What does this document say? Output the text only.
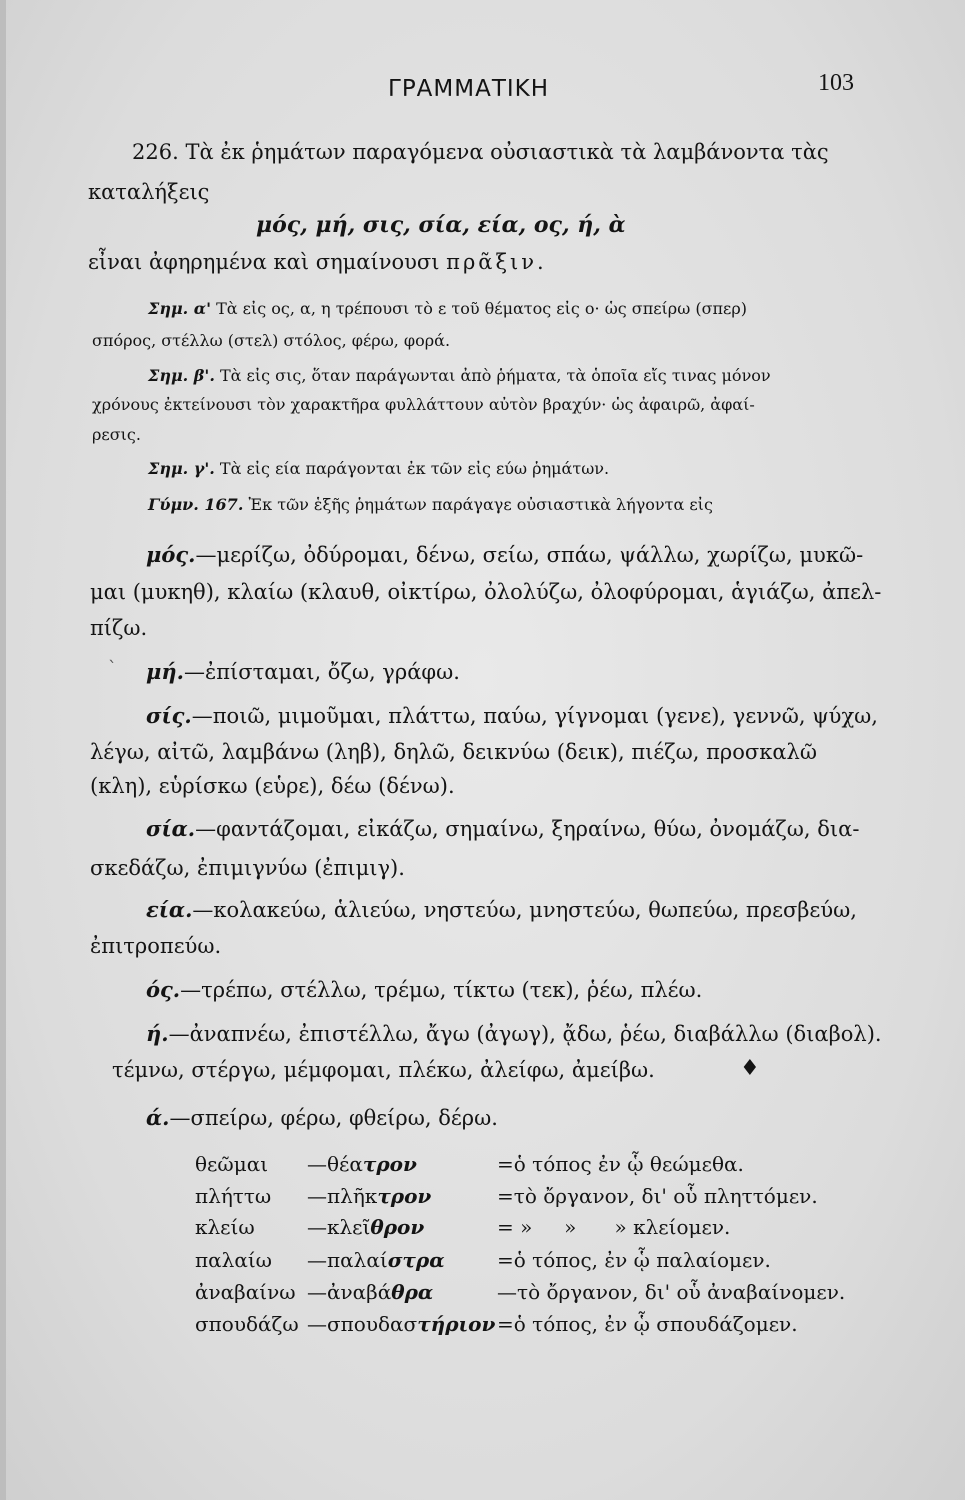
ΓΡΑΜΜΑΤΙΚΗ	103
226. Τὰ ἐκ ῥημάτων παραγόμενα οὐσιαστικὰ τὰ λαμβάνοντα τὰς
καταλήξεις
μός, μή, σις, σία, εία, ος, ή, ὰ
εἶναι ἀφηρημένα καὶ σημαίνουσι πρᾶξιν.
Σημ. α' Τὰ εἰς ος, α, η τρέπουσι τὸ ε τοῦ θέματος εἰς ο· ὡς σπείρω (σπερ)
σπόρος, στέλλω (στελ) στόλος, φέρω, φορά.
Σημ. β'. Τὰ εἰς σις, ὅταν παράγωνται ἀπὸ ῥήματα, τὰ ὁποῖα εἴς τινας μόνον
χρόνους ἐκτείνουσι τὸν χαρακτῆρα φυλλάττουν αὐτὸν βραχύν· ὡς ἀφαιρῶ, ἀφαί-
ρεσις.
Σημ. γ'. Τὰ εἰς εία παράγονται ἐκ τῶν εἰς εύω ῥημάτων.
Γύμν. 167. Ἐκ τῶν ἑξῆς ῥημάτων παράγαγε οὐσιαστικὰ λήγοντα εἰς
μός.—μερίζω, ὀδύρομαι, δένω, σείω, σπάω, ψάλλω, χωρίζω, μυκῶ-
μαι (μυκηθ), κλαίω (κλαυθ, οἰκτίρω, ὀλολύζω, ὀλοφύρομαι, ἁγιάζω, ἀπελ-
πίζω.
ˋ μή.—ἐπίσταμαι, ὄζω, γράφω.
σίς.—ποιῶ, μιμοῦμαι, πλάττω, παύω, γίγνομαι (γενε), γεννῶ, ψύχω,
λέγω, αἰτῶ, λαμβάνω (ληβ), δηλῶ, δεικνύω (δεικ), πιέζω, προσκαλῶ
(κλη), εὑρίσκω (εὑρε), δέω (δένω).
σία.—φαντάζομαι, εἰκάζω, σημαίνω, ξηραίνω, θύω, ὀνομάζω, δια-
σκεδάζω, ἐπιμιγνύω (ἐπιμιγ).
εία.—κολακεύω, ἁλιεύω, νηστεύω, μνηστεύω, θωπεύω, πρεσβεύω,
ἐπιτροπεύω.
ός.—τρέπω, στέλλω, τρέμω, τίκτω (τεκ), ῥέω, πλέω.
ή.—ἀναπνέω, ἐπιστέλλω, ἄγω (ἀγωγ), ᾄδω, ῥέω, διαβάλλω (διαβολ).
τέμνω, στέργω, μέμφομαι, πλέκω, ἀλείφω, ἀμείβω.	♦
ά.—σπείρω, φέρω, φθείρω, δέρω.
θεῶμαι —θέατρον	=ὁ τόπος ἐν ᾧ θεώμεθα.
πλήττω —πλῆκτρον	=τὸ ὄργανον, δι' οὗ πληττόμεν.
κλείω	—κλεῖθρον	= »     »      » κλείομεν.
παλαίω —παλαίστρα	=ὁ τόπος, ἐν ᾧ παλαίομεν.
ἀναβαίνω —ἀναβάθρα	—τὸ ὄργανον, δι' οὗ ἀναβαίνομεν.
σπουδάζω —σπουδαστήριον =ὁ τόπος, ἐν ᾧ σπουδάζομεν.
